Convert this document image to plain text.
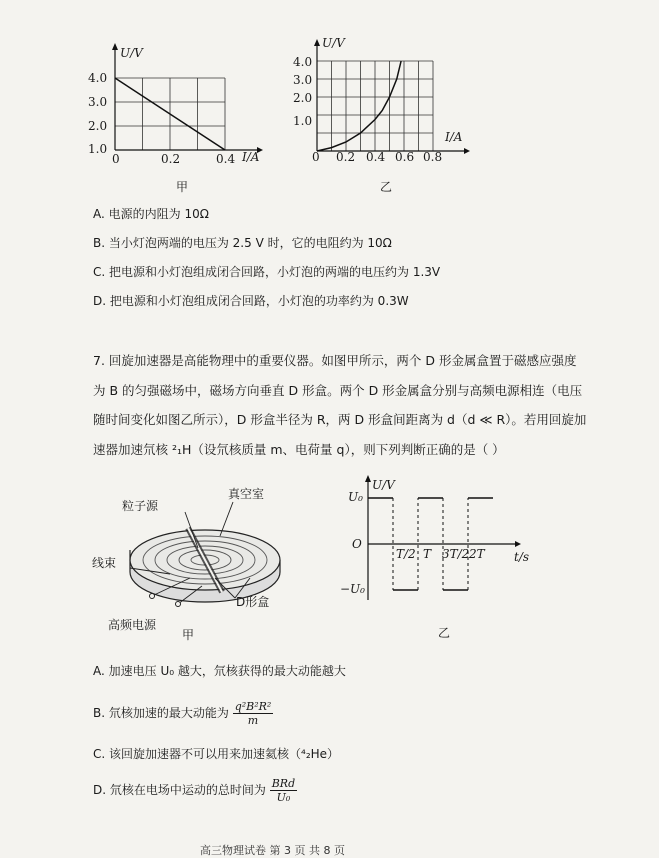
U/V
4.0
3.0
2.0
1.0
0	0.2	0.4 I/A
甲
U/V
4.0
3.0
2.0
1.0
0 0.2 0.4 0.6 0.8
I/A
乙
A. 电源的内阻为 10Ω
B. 当小灯泡两端的电压为 2.5 V 时，它的电阻约为 10Ω
C. 把电源和小灯泡组成闭合回路，小灯泡的两端的电压约为 1.3V
D. 把电源和小灯泡组成闭合回路，小灯泡的功率约为 0.3W
7. 回旋加速器是高能物理中的重要仪器。如图甲所示，两个 D 形金属盒置于磁感应强度
为 B 的匀强磁场中，磁场方向垂直 D 形盒。两个 D 形金属盒分别与高频电源相连（电压
随时间变化如图乙所示），D 形盒半径为 R，两 D 形盒间距离为 d（d ≪ R）。若用回旋加
速器加速氘核 ²₁H（设氘核质量 m、电荷量 q），则下列判断正确的是（ ）
粒子源
真空室
线束
D形盒
高频电源
甲
U/V
U₀
O
−U₀
T/2 T 3T/2 2T t/s
乙
A. 加速电压 U₀ 越大，氘核获得的最大动能越大
B. 氘核加速的最大动能为 $\frac{\text{q²B²R²}}{m}$
C. 该回旋加速器不可以用来加速氦核（⁴₂He）
D. 氘核在电场中运动的总时间为 $\frac{\text{BRd}}{\text{U₀}}$
高三物理试卷 第 3 页 共 8 页
